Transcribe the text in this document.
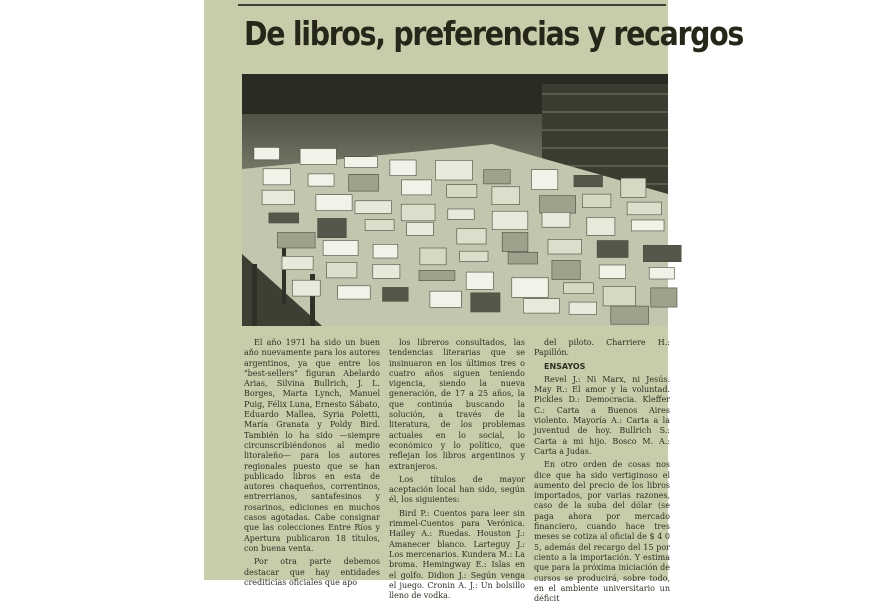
De libros, preferencias y recargos

El año 1971 ha sido un buen año nuevamente para los autores argentinos, ya que entre los "best-sellers" figuran Abelardo Arias, Silvina Bullrich, J. L. Borges, Marta Lynch, Manuel Puig, Félix Luna, Ernesto Sábato, Eduardo Mallea, Syria Poletti, María Granata y Poldy Bird. También lo ha sido —siempre circunscribiéndonos al medio litoraleño— para los autores regionales puesto que se han publicado libros en esta de autores chaqueños, correntinos, entrerrianos, santafesinos y rosarinos, ediciones en muchos casos agotadas. Cabe consignar que las colecciones Entre Ríos y Apertura publicaron 18 títulos, con buena venta.

Por otra parte debemos destacar que hay entidades crediticias oficiales que apo

los libreros consultados, las tendencias literarias que se insinuaron en los últimos tres o cuatro años siguen teniendo vigencia, siendo la nueva generación, de 17 a 25 años, la que continúa buscando la solución, a través de la literatura, de los problemas actuales en lo social, lo económico y lo político, que reflejan los libros argentinos y extranjeros.

Los títulos de mayor aceptación local han sido, según él, los siguientes:

Bird P.: Cuentos para leer sin rimmel-Cuentos para Verónica. Hailey A.: Ruedas. Houston J.: Amanecer blanco. Larteguy J.: Los mercenarios. Kundera M.: La broma. Hemingway E.: Islas en el golfo. Didion J.: Según venga el juego. Cronin A. J.: Un bolsillo lleno de vodka.

del piloto. Charriere H.: Papillón.

ENSAYOS

Revel J.: Ni Marx, ni Jesús. May R.: El amor y la voluntad. Pickles D.: Democracia. Kleffer C.: Carta a Buenos Aires violento. Mayoría A.: Carta a la juventud de hoy. Bullrich S.: Carta a mi hijo. Bosco M. A.: Carta a Judas.

En otro orden de cosas nos dice que ha sido vertiginoso el aumento del precio de los libros importados, por varias razones, caso de la suba del dólar (se paga ahora por mercado financiero, cuando hace tres meses se cotiza al oficial de $ 4 0 5, además del recargo del 15 por ciento a la importación. Y estima que para la próxima iniciación de cursos se producirá, sobre todo, en el ambiente universitario un déficit
